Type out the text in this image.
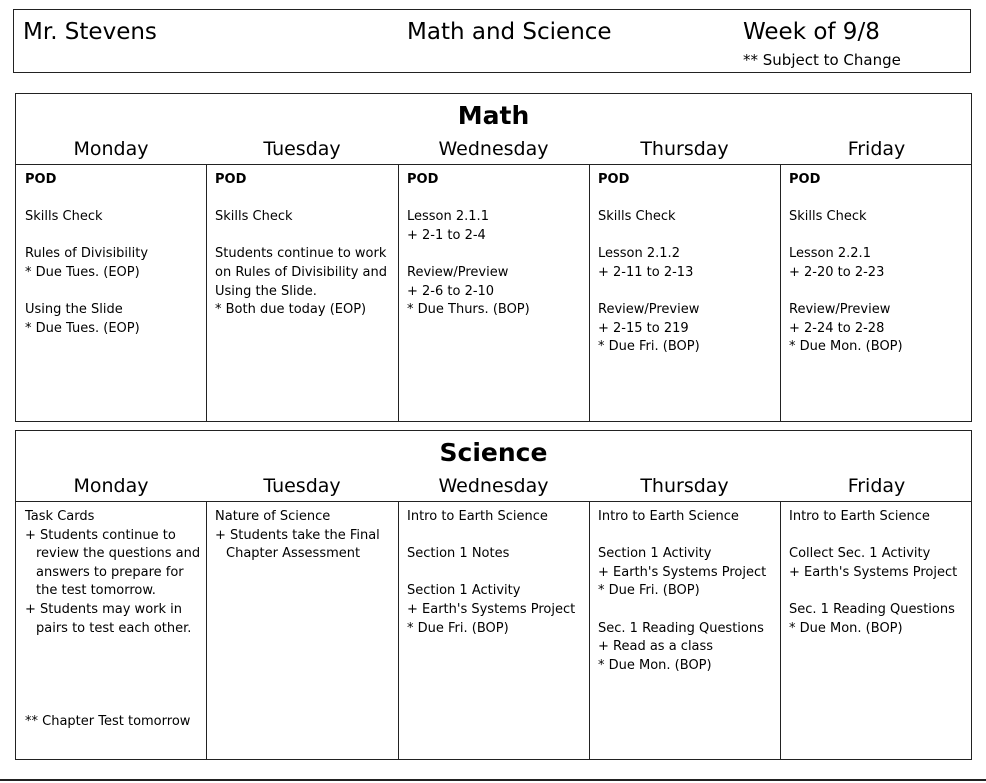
Mr. Stevens	Math and Science	Week of 9/8
** Subject to Change
Math
Monday
POD
Skills Check
Rules of Divisibility
* Due Tues. (EOP)
Using the Slide
* Due Tues. (EOP)
Tuesday
POD
Skills Check
Students continue to work
on Rules of Divisibility and
Using the Slide.
* Both due today (EOP)
Wednesday
POD
Lesson 2.1.1
+ 2-1 to 2-4
Review/Preview
+ 2-6 to 2-10
* Due Thurs. (BOP)
Thursday
POD
Skills Check
Lesson 2.1.2
+ 2-11 to 2-13
Review/Preview
+ 2-15 to 219
* Due Fri. (BOP)
Friday
POD
Skills Check
Lesson 2.2.1
+ 2-20 to 2-23
Review/Preview
+ 2-24 to 2-28
* Due Mon. (BOP)
Science
Monday
Task Cards
+ Students continue to
review the questions and
answers to prepare for
the test tomorrow.
+ Students may work in
pairs to test each other.
** Chapter Test tomorrow
Tuesday
Nature of Science
+ Students take the Final
Chapter Assessment
Wednesday
Intro to Earth Science
Section 1 Notes
Section 1 Activity
+ Earth's Systems Project
* Due Fri. (BOP)
Thursday
Intro to Earth Science
Section 1 Activity
+ Earth's Systems Project
* Due Fri. (BOP)
Sec. 1 Reading Questions
+ Read as a class
* Due Mon. (BOP)
Friday
Intro to Earth Science
Collect Sec. 1 Activity
+ Earth's Systems Project
Sec. 1 Reading Questions
* Due Mon. (BOP)
